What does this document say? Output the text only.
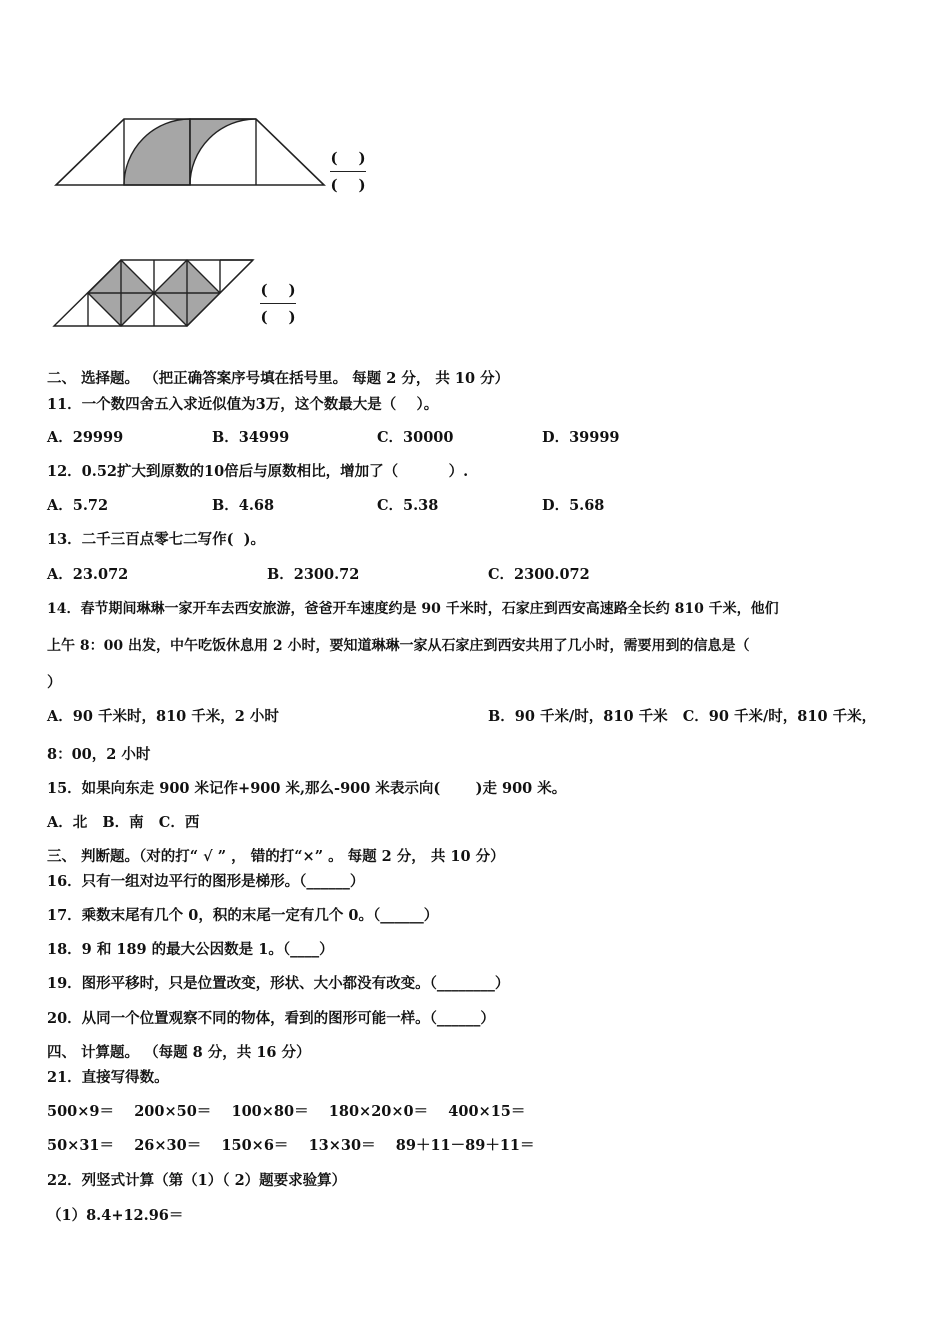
(    )
(    )
(    )
(    )
二、 选择题。 （把正确答案序号填在括号里。 每题 2 分， 共 10 分）
11．一个数四舍五入求近似值为3万，这个数最大是（    ）。
A．29999	B．34999	C．30000	D．39999
12．0.52扩大到原数的10倍后与原数相比，增加了（          ）.
A．5.72	B．4.68	C．5.38	D．5.68
13．二千三百点零七二写作(  )。
A．23.072	B．2300.72	C．2300.072
14．春节期间琳琳一家开车去西安旅游，爸爸开车速度约是 90 千米时，石家庄到西安高速路全长约 810 千米，他们
上午 8：00 出发，中午吃饭休息用 2 小时，要知道琳琳一家从石家庄到西安共用了几小时，需要用到的信息是（
）
A．90 千米时，810 千米，2 小时	B．90 千米/时，810 千米   C．90 千米/时，810 千米，
8：00，2 小时
15．如果向东走 900 米记作+900 米,那么-900 米表示向(       )走 900 米。
A．北   B．南   C．西
三、 判断题。（对的打“ √ ” ， 错的打“×” 。 每题 2 分， 共 10 分）
16．只有一组对边平行的图形是梯形。（______）
17．乘数末尾有几个 0，积的末尾一定有几个 0。（______）
18．9 和 189 的最大公因数是 1。（____）
19．图形平移时，只是位置改变，形状、大小都没有改变。（________）
20．从同一个位置观察不同的物体，看到的图形可能一样。（______）
四、 计算题。 （每题 8 分，共 16 分）
21．直接写得数。
500×9＝    200×50＝    100×80＝    180×20×0＝    400×15＝
50×31＝    26×30＝    150×6＝    13×30＝    89＋11－89＋11＝
22．列竖式计算（第（1）（ 2）题要求验算）
（1）8.4+12.96＝
